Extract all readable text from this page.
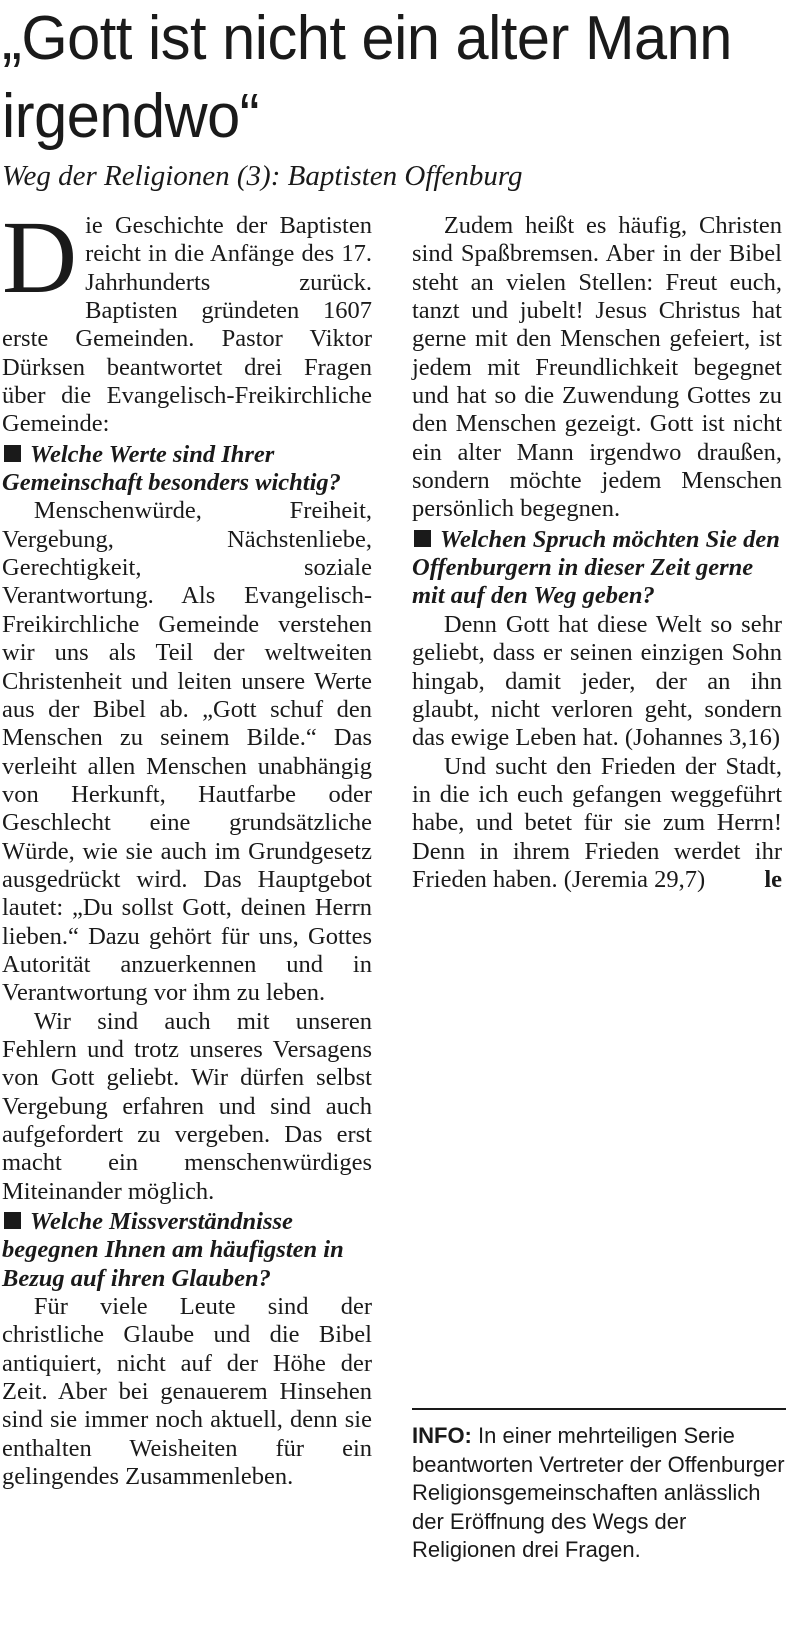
„Gott ist nicht ein alter Mann irgendwo“
Weg der Religionen (3): Baptisten Offenburg

Die Geschichte der Baptisten reicht in die Anfänge des 17. Jahrhunderts zurück. Baptisten gründeten 1607 erste Gemeinden. Pastor Viktor Dürksen beantwortet drei Fragen über die Evangelisch-Freikirchliche Gemeinde:

Welche Werte sind Ihrer Gemeinschaft besonders wichtig?

Menschenwürde, Freiheit, Vergebung, Nächstenliebe, Gerechtigkeit, soziale Verantwortung. Als Evangelisch-Freikirchliche Gemeinde verstehen wir uns als Teil der weltweiten Christenheit und leiten unsere Werte aus der Bibel ab. „Gott schuf den Menschen zu seinem Bilde.“ Das verleiht allen Menschen unabhängig von Herkunft, Hautfarbe oder Geschlecht eine grundsätzliche Würde, wie sie auch im Grundgesetz ausgedrückt wird. Das Hauptgebot lautet: „Du sollst Gott, deinen Herrn lieben.“ Dazu gehört für uns, Gottes Autorität anzuerkennen und in Verantwortung vor ihm zu leben.

Wir sind auch mit unseren Fehlern und trotz unseres Versagens von Gott geliebt. Wir dürfen selbst Vergebung erfahren und sind auch aufgefordert zu vergeben. Das erst macht ein menschenwürdiges Miteinander möglich.

Welche Missverständnisse begegnen Ihnen am häufigsten in Bezug auf ihren Glauben?

Für viele Leute sind der christliche Glaube und die Bibel antiquiert, nicht auf der Höhe der Zeit. Aber bei genauerem Hinsehen sind sie immer noch aktuell, denn sie enthalten Weisheiten für ein gelingendes Zusammenleben.

Zudem heißt es häufig, Christen sind Spaßbremsen. Aber in der Bibel steht an vielen Stellen: Freut euch, tanzt und jubelt! Jesus Christus hat gerne mit den Menschen gefeiert, ist jedem mit Freundlichkeit begegnet und hat so die Zuwendung Gottes zu den Menschen gezeigt. Gott ist nicht ein alter Mann irgendwo draußen, sondern möchte jedem Menschen persönlich begegnen.

Welchen Spruch möchten Sie den Offenburgern in dieser Zeit gerne mit auf den Weg geben?

Denn Gott hat diese Welt so sehr geliebt, dass er seinen einzigen Sohn hingab, damit jeder, der an ihn glaubt, nicht verloren geht, sondern das ewige Leben hat. (Johannes 3,16)

Und sucht den Frieden der Stadt, in die ich euch gefangen weggeführt habe, und betet für sie zum Herrn! Denn in ihrem Frieden werdet ihr Frieden haben. (Jeremia 29,7)	le

INFO: In einer mehrteiligen Serie beantworten Vertreter der Offenburger Religionsgemeinschaften anlässlich der Eröffnung des Wegs der Religionen drei Fragen.
